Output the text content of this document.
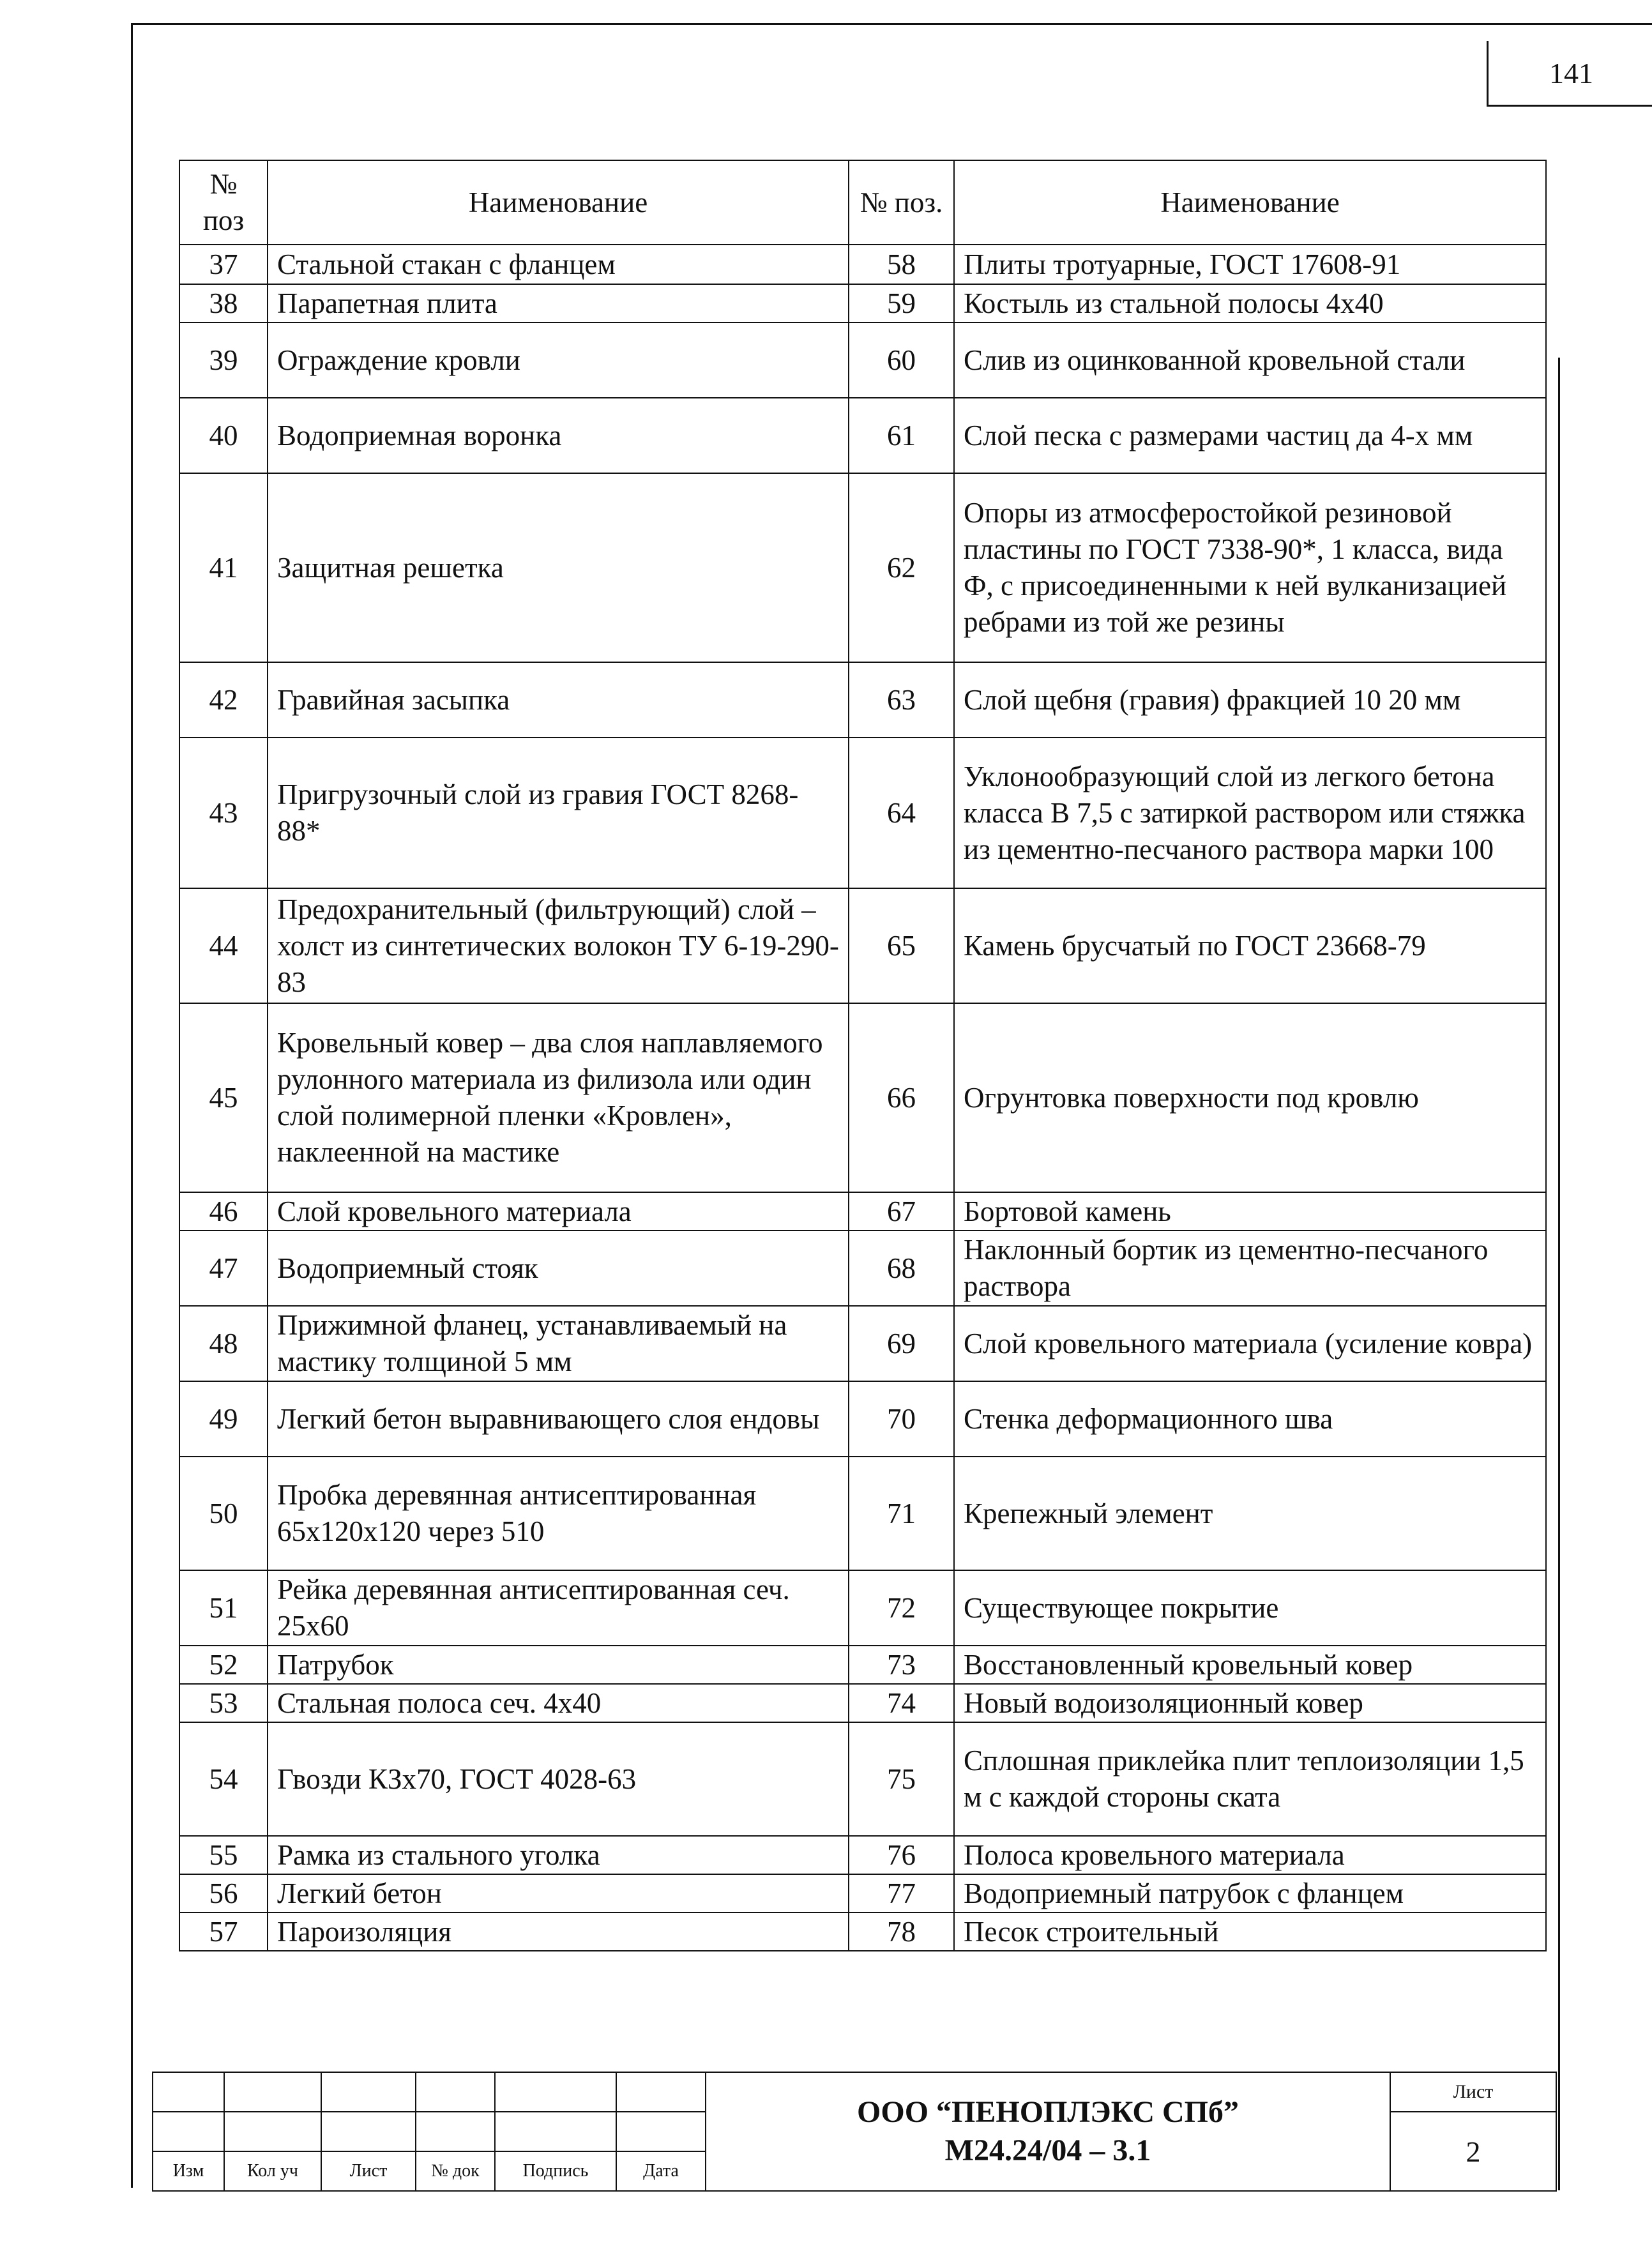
141
№ поз	Наименование	№ поз.	Наименование
37	Стальной стакан с фланцем	58	Плиты тротуарные, ГОСТ 17608-91
38	Парапетная плита	59	Костыль из стальной полосы 4х40
39	Ограждение кровли	60	Слив из оцинкованной кровельной стали
40	Водоприемная воронка	61	Слой песка с размерами частиц да 4-х мм
41	Защитная решетка	62	Опоры из атмосферостойкой резиновой пластины по ГОСТ 7338-90*, 1 класса, вида Ф, с присоединенными к ней вулканизацией ребрами из той же резины
42	Гравийная засыпка	63	Слой щебня (гравия) фракцией 10 20 мм
43	Пригрузочный слой из гравия ГОСТ 8268-88*	64	Уклонообразующий слой из легкого бетона класса В 7,5 с затиркой раствором или стяжка из цементно-песчаного раствора марки 100
44	Предохранительный (фильтрующий) слой – холст из синтетических волокон ТУ 6-19-290-83	65	Камень брусчатый по ГОСТ 23668-79
45	Кровельный ковер – два слоя наплавляемого рулонного материала из филизола или один слой полимерной пленки «Кровлен», наклеенной на мастике	66	Огрунтовка поверхности под кровлю
46	Слой кровельного материала	67	Бортовой камень
47	Водоприемный стояк	68	Наклонный бортик из цементно-песчаного раствора
48	Прижимной фланец, устанавливаемый на мастику толщиной 5 мм	69	Слой кровельного материала (усиление ковра)
49	Легкий бетон выравнивающего слоя ендовы	70	Стенка деформационного шва
50	Пробка деревянная антисептированная 65х120х120 через 510	71	Крепежный элемент
51	Рейка деревянная антисептированная сеч. 25х60	72	Существующее покрытие
52	Патрубок	73	Восстановленный кровельный ковер
53	Стальная полоса сеч. 4х40	74	Новый водоизоляционный ковер
54	Гвозди КЗх70, ГОСТ 4028-63	75	Сплошная приклейка плит теплоизоляции 1,5 м с каждой стороны ската
55	Рамка из стального уголка	76	Полоса кровельного материала
56	Легкий бетон	77	Водоприемный патрубок с фланцем
57	Пароизоляция	78	Песок строительный

						ООО “ПЕНОПЛЭКС СПб”
М24.24/04 – 3.1	Лист
							2
Изм	Кол уч	Лист	№ док	Подпись	Дата		
